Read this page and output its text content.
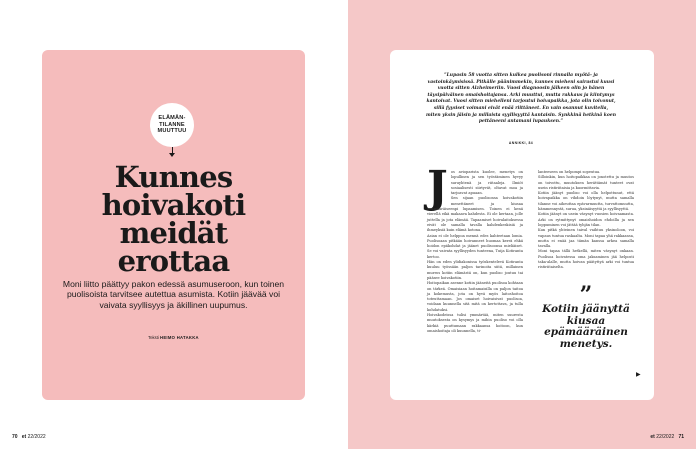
ELÄMÄN-
TILANNE
MUUTTUU
Kunnes
hoivakoti
meidät
erottaa
Moni liitto päättyy pakon edessä asumuseroon, kun toinen puolisoista tarvitsee autettua asumista. Kotiin jäävää voi vaivata syyllisyys ja äkillinen uupumus.
Teksti HEIMO HATAKKA
70 et 22/2022
”Lupasin 58 vuotta sitten kulkea puolisoni rinnalla myötä- ja vastoinkäymisissä. Pitkälle päänimmekin, kunnes mieheni sairastui kuusi vuotta sitten Alzheimeriin. Vuosi diagnoosin jälkeen olin jo hänen täysipäiväinen omaishoitajansa. Arki muuttui, mutta rakkaus ja kiintymys kantoivat. Vuosi sitten miehelleni tarjoutui hoivapaikka, jota olin toivonut, sillä fyysiset voimani eivät enää riittäneet. En vain osannut kuvitella, miten yksin jäisin ja millaista syyllisyyttä kantaisin. Synkkinä hetkinä koen pettäneeni antamani lupauksen.”
ANNIKKI, 84
J os avioparista kuolee, menetys on lopullinen ja sen työstäminen hyvyy suruyhtenä ja riitaaleja. Ilmiöt sosiaalisesti siirtyvät, oltavat moa ja tarjoavat apuaan.

Sen sijaan puolisonsa hoivakotiin menettäneet ja kiusaa epämääräiseenpi lupaamisen. Toinen ei kenä vierellä eikä makaava kahdesta. Ei ole kertaan, jolle juttella ja jota elämää. Tapaamiset hoivalaitoksessa eivät ole samalla tavalla kahdenkeskisiä ja ihmeyksiä kuin elämä kotona.

Asian ei ole helppoa mennä edes kahteetaan lomia. Puolisoaan pitkään hoivanneet huomaa kerrä ehkä hoidon epäkohdat ja jäänet puolisoonsa mieliäiset. Se voi vaivata syyllisyyden tunteena, Tuija Kotiranta kertoo.

Hän on eden ylidiakonissa työskentelevä Kotiranta kuuluu työssään paljon tarinoita siitä, millainen murros kotiin elämästä on, kun puoliso joutuu tai pääsee hoivakotiin.

Hoitopaikan asenne kotiin jääneitä puolisoa kohtaan on tärkeä. Omaisiaan hoitamaisilla on paljon taitoa ja kokemusta, jota on hyvä myös laitoshoitoa toteuttamaan. Jos omaiset hoivaisivat puolisoa, voidaan kuunnella sitä mitä on kertottava, ja tulla kohdatuksi.

Hoivakodeissa tulisi ymmärtää, miten suuresta muutoksesta on kysymys ja mihin puoliso voi olla kärkiä puuttumaan rakkaansa hoitoon, kun omaishoitaja oli kuunnella, ti-

lanteeseen on helpompi sopeutua.

Silloinkin, kun hoitopaikkaa on jonotettu ja muutos on toivottu, muutoksen herättämät tunteet ovat usein ristiriitaisia ja kuormittavia.

Kotiin jäänyt puoliso voi olla helpottunut, että hoivapaikka on vihdoin löytynyt, mutta samalla tilanne voi aiheuttaa epävarmuutta, turvattomuutta, hämmennystä, surua, yksinäisyyttä ja syyllisyyttä.

Kotiin jäänyt on usein väsynyt vuosien hoivaamasta. Arki on rytmittynyt omaishoidon ehdoilla ja sen loppuminen voi jättää tyhjän tilan.

Kun pitkä yhteinen taival vaihtuu yksinoloon, voi vapaus tuntua raskaalta. Moni tapaa yhä rakkaansa, mutta ei enää jaa tämän kanssa arkea samalla tavalla.

Moni tapaa tällä hetkellä, miten väsynyt onkaan. Puolisoa hoivatessa oma jaksaminen jää helposti taka-alalle, mutta hoivan päätyttyä arki voi tuntua ristiriitaiselta.

”
Kotiin jäänyttä kiusaa epämääräinen menetys.
▶
et 22/2022 71
